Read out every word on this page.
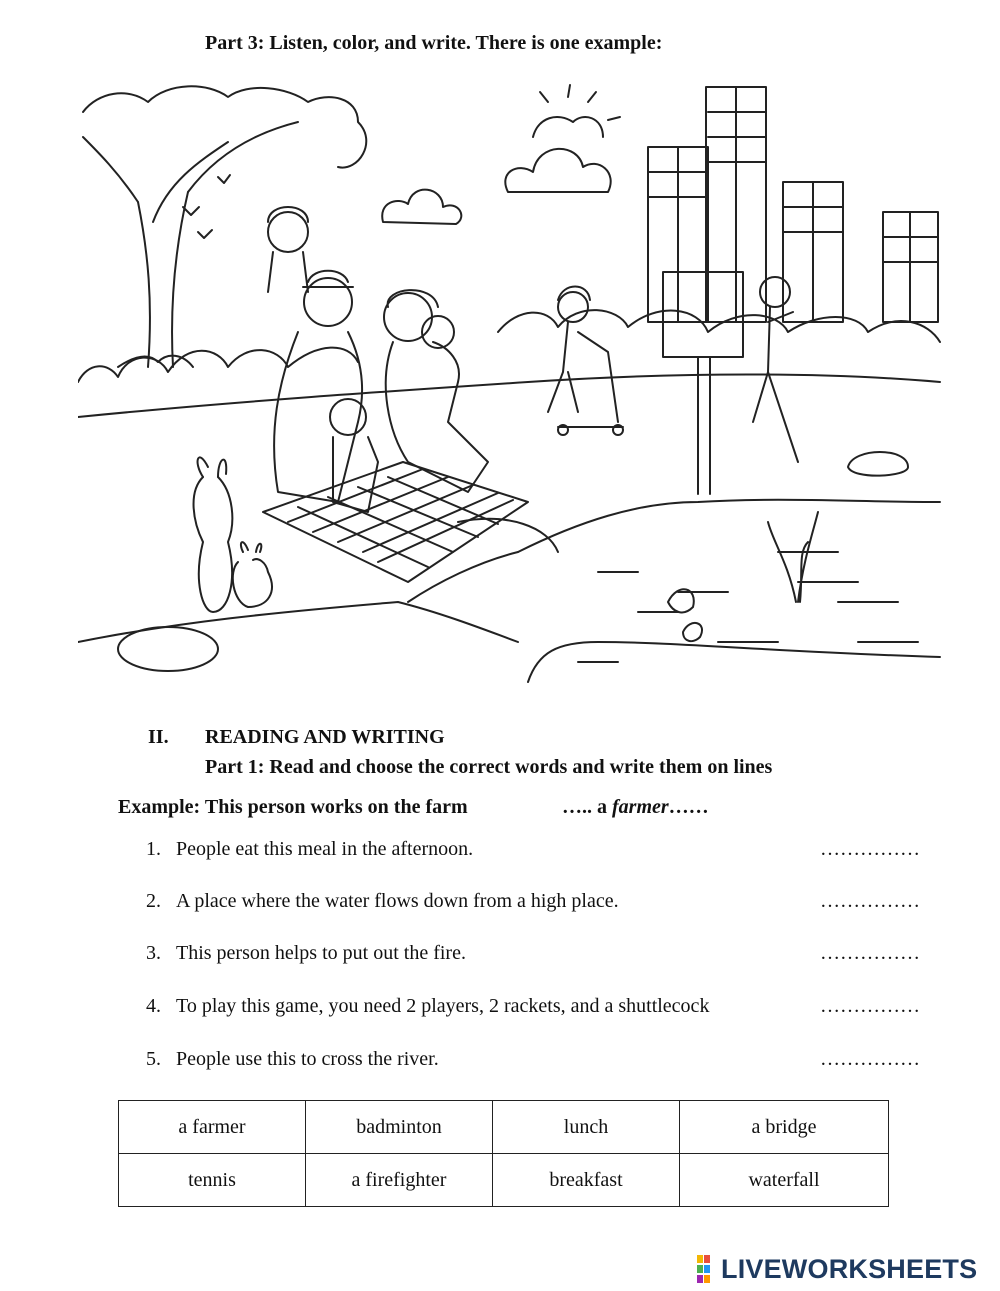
Part 3: Listen, color, and write. There is one example:
II. READING AND WRITING
Part 1: Read and choose the correct words and write them on lines
Example: This person works on the farm	….. a farmer……
1. People eat this meal in the afternoon.	……………
2. A place where the water flows down from a high place.	……………
3. This person helps to put out the fire.	……………
4. To play this game, you need 2 players, 2 rackets, and a shuttlecock	……………
5. People use this to cross the river.	……………
a farmer	badminton	lunch	a bridge
tennis	a firefighter	breakfast	waterfall
LIVEWORKSHEETS
